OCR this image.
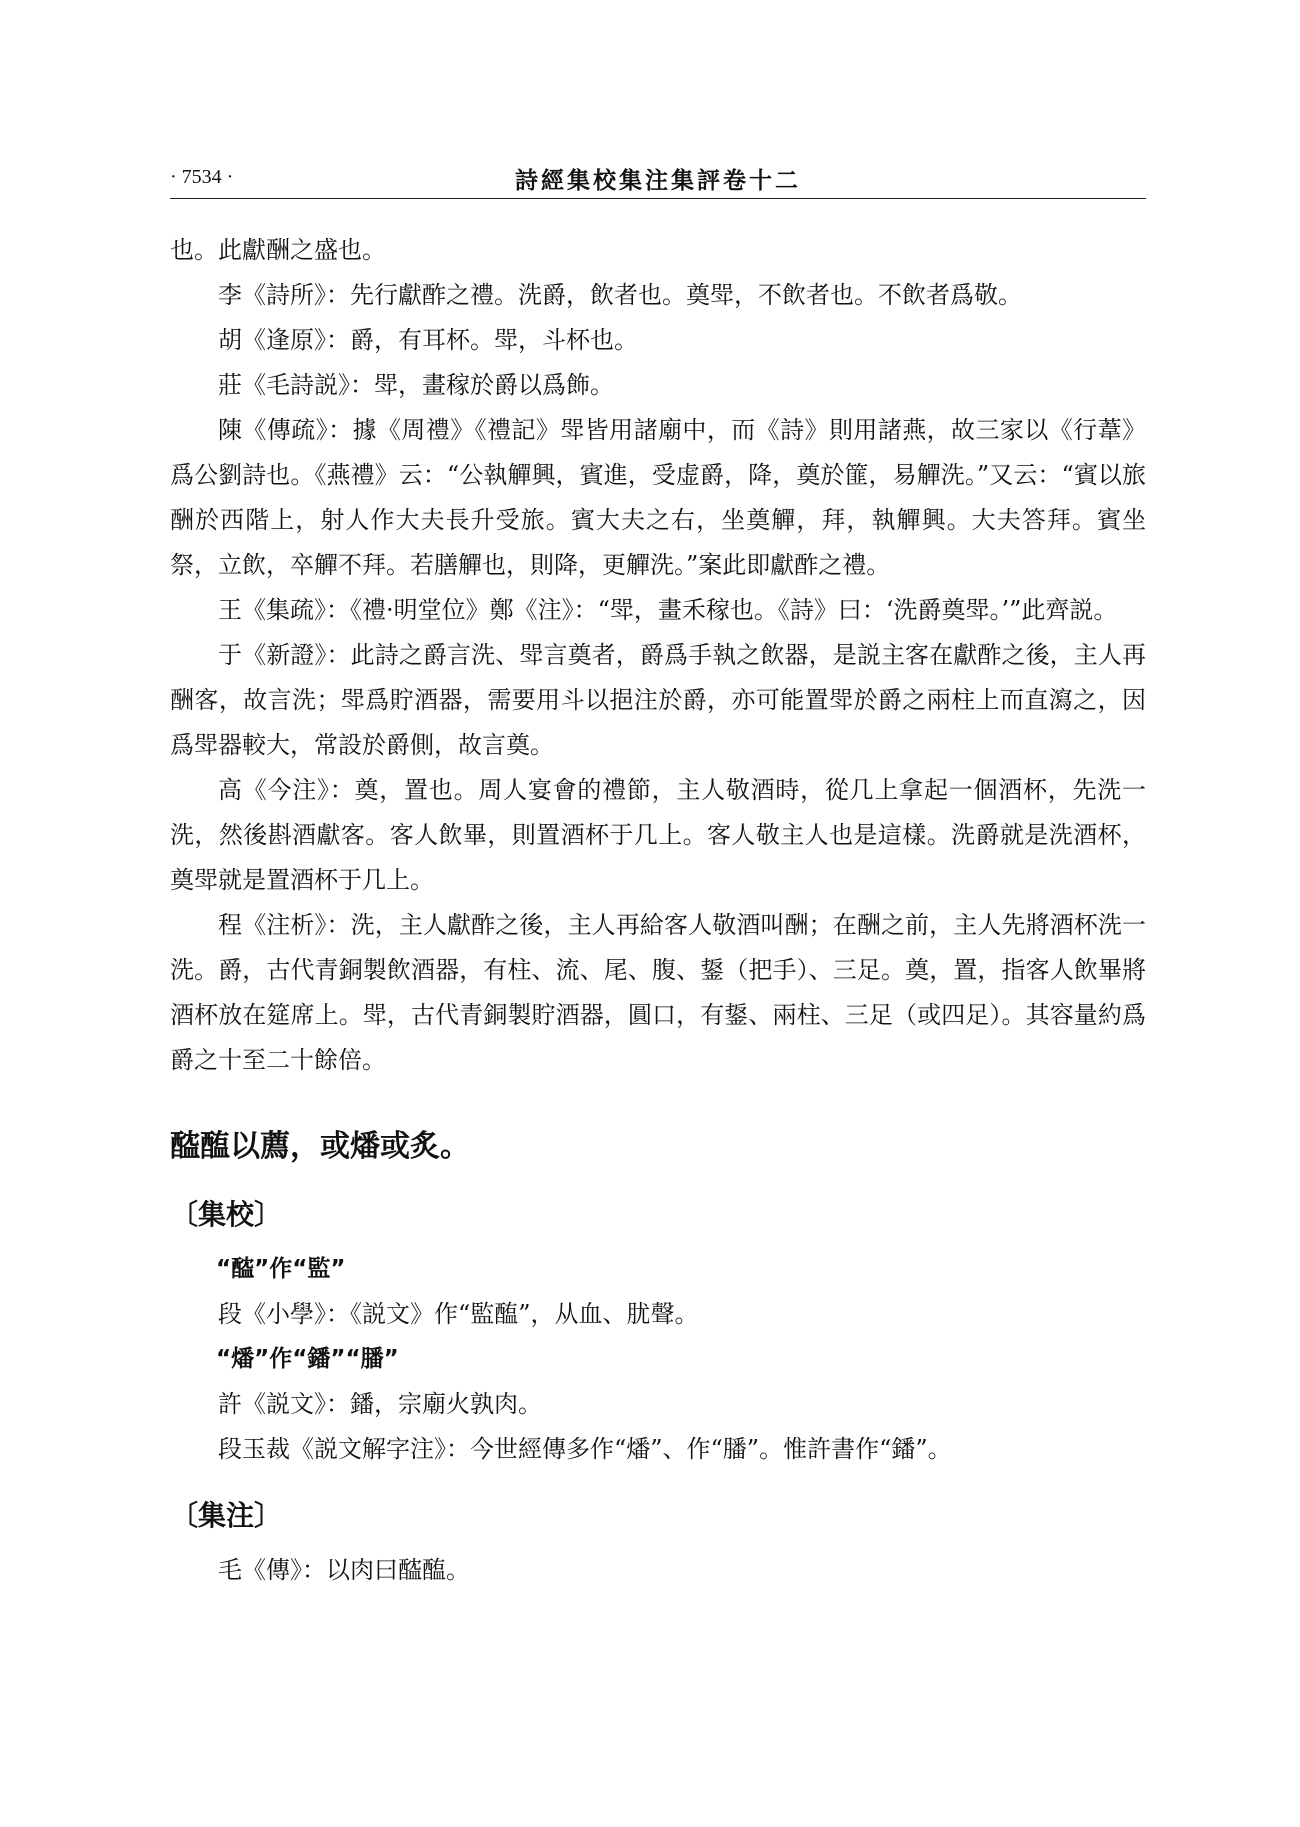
· 7534 ·	詩經集校集注集評卷十二

也。此獻酬之盛也。

李《詩所》：先行獻酢之禮。洗爵，飲者也。奠斝，不飲者也。不飲者爲敬。

胡《逢原》：爵，有耳杯。斝，斗杯也。

莊《毛詩説》：斝，畫稼於爵以爲飾。

陳《傳疏》：據《周禮》《禮記》斝皆用諸廟中，而《詩》則用諸燕，故三家以《行葦》爲公劉詩也。《燕禮》云：“公執觶興，賓進，受虚爵，降，奠於篚，易觶洗。”又云：“賓以旅酬於西階上，射人作大夫長升受旅。賓大夫之右，坐奠觶，拜，執觶興。大夫答拜。賓坐祭，立飲，卒觶不拜。若膳觶也，則降，更觶洗。”案此即獻酢之禮。

王《集疏》：《禮·明堂位》鄭《注》：“斝，畫禾稼也。《詩》曰：‘洗爵奠斝。’”此齊説。

于《新證》：此詩之爵言洗、斝言奠者，爵爲手執之飲器，是説主客在獻酢之後，主人再酬客，故言洗；斝爲貯酒器，需要用斗以挹注於爵，亦可能置斝於爵之兩柱上而直瀉之，因爲斝器較大，常設於爵側，故言奠。

高《今注》：奠，置也。周人宴會的禮節，主人敬酒時，從几上拿起一個酒杯，先洗一洗，然後斟酒獻客。客人飲畢，則置酒杯于几上。客人敬主人也是這樣。洗爵就是洗酒杯，奠斝就是置酒杯于几上。

程《注析》：洗，主人獻酢之後，主人再給客人敬酒叫酬；在酬之前，主人先將酒杯洗一洗。爵，古代青銅製飲酒器，有柱、流、尾、腹、鋬（把手）、三足。奠，置，指客人飲畢將酒杯放在筵席上。斝，古代青銅製貯酒器，圓口，有鋬、兩柱、三足（或四足）。其容量約爲爵之十至二十餘倍。

醓醢以薦，或燔或炙。
〔集校〕

“醓”作“監”

段《小學》：《説文》作“監醢”，从血、肬聲。

“燔”作“鐇”“膰”

許《説文》：鐇，宗廟火孰肉。

段玉裁《説文解字注》：今世經傳多作“燔”、作“膰”。惟許書作“鐇”。

〔集注〕

毛《傳》：以肉曰醓醢。
